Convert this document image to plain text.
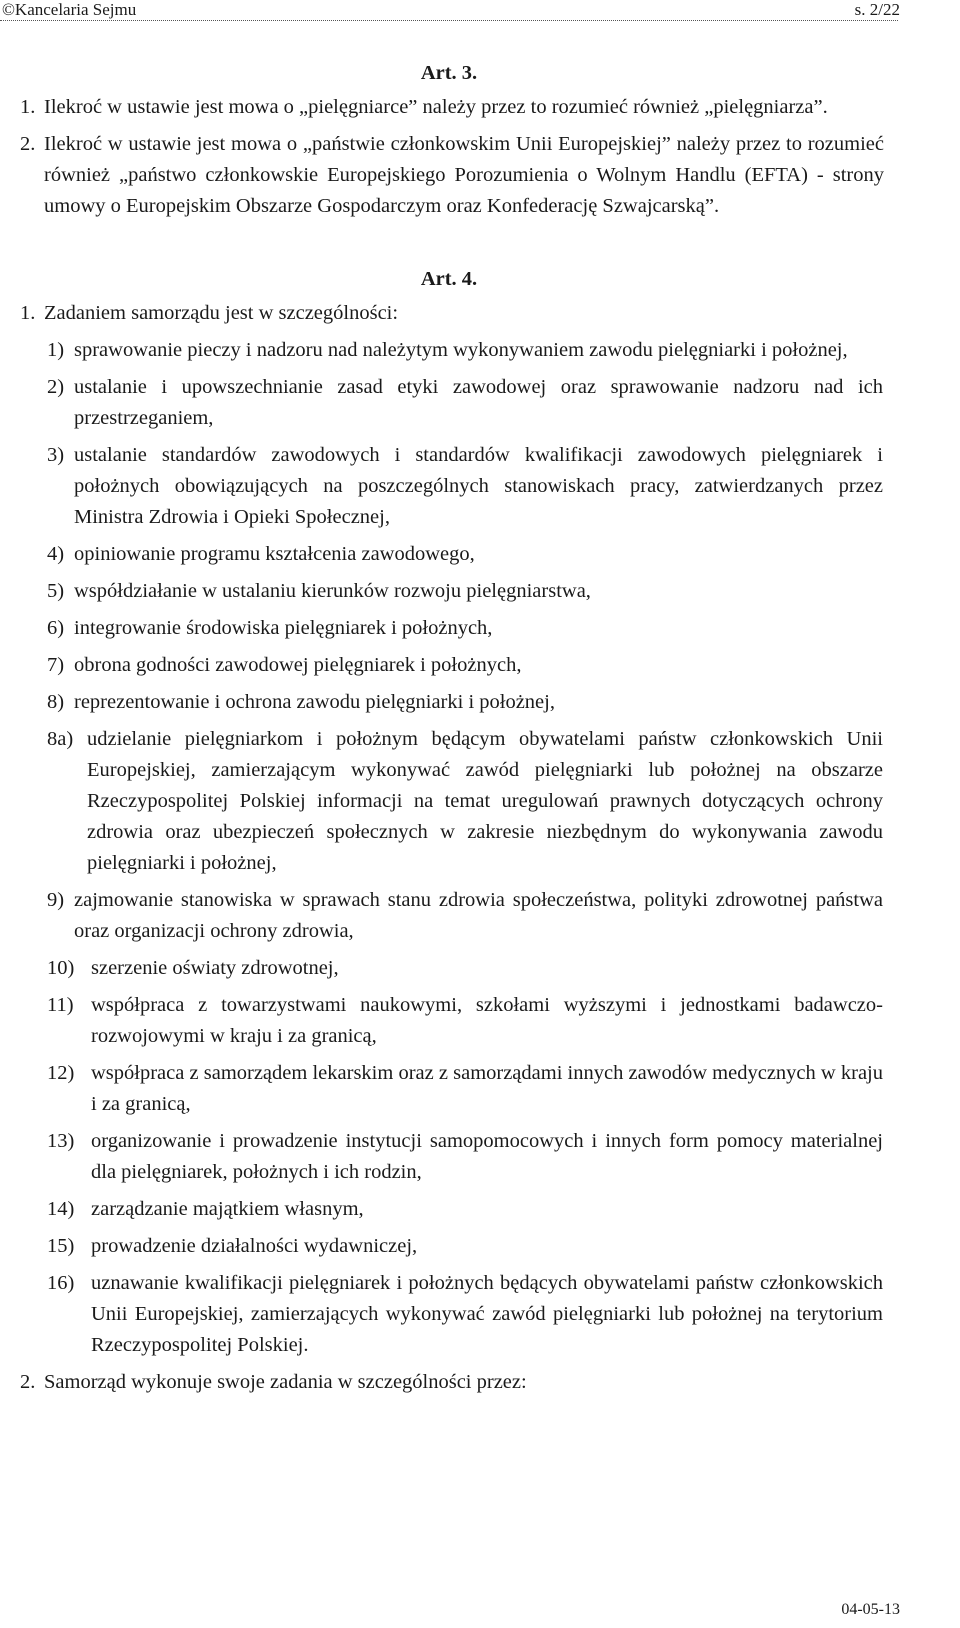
©Kancelaria Sejmu	s. 2/22
Art. 3.
1. Ilekroć w ustawie jest mowa o „pielęgniarce” należy przez to rozumieć również „pielęgniarza”.

2. Ilekroć w ustawie jest mowa o „państwie członkowskim Unii Europejskiej” należy przez to rozumieć również „państwo członkowskie Europejskiego Porozumienia o Wolnym Handlu (EFTA) - strony umowy o Europejskim Obszarze Gospodarczym oraz Konfederację Szwajcarską”.

Art. 4.
1. Zadaniem samorządu jest w szczególności:

1) sprawowanie pieczy i nadzoru nad należytym wykonywaniem zawodu pielęgniarki i położnej,
2) ustalanie i upowszechnianie zasad etyki zawodowej oraz sprawowanie nadzoru nad ich przestrzeganiem,
3) ustalanie standardów zawodowych i standardów kwalifikacji zawodowych pielęgniarek i położnych obowiązujących na poszczególnych stanowiskach pracy, zatwierdzanych przez Ministra Zdrowia i Opieki Społecznej,
4) opiniowanie programu kształcenia zawodowego,
5) współdziałanie w ustalaniu kierunków rozwoju pielęgniarstwa,
6) integrowanie środowiska pielęgniarek i położnych,
7) obrona godności zawodowej pielęgniarek i położnych,
8) reprezentowanie i ochrona zawodu pielęgniarki i położnej,
8a) udzielanie pielęgniarkom i położnym będącym obywatelami państw członkowskich Unii Europejskiej, zamierzającym wykonywać zawód pielęgniarki lub położnej na obszarze Rzeczypospolitej Polskiej informacji na temat uregulowań prawnych dotyczących ochrony zdrowia oraz ubezpieczeń społecznych w zakresie niezbędnym do wykonywania zawodu pielęgniarki i położnej,
9) zajmowanie stanowiska w sprawach stanu zdrowia społeczeństwa, polityki zdrowotnej państwa oraz organizacji ochrony zdrowia,
10) szerzenie oświaty zdrowotnej,
11) współpraca z towarzystwami naukowymi, szkołami wyższymi i jednostkami badawczo-rozwojowymi w kraju i za granicą,
12) współpraca z samorządem lekarskim oraz z samorządami innych zawodów medycznych w kraju i za granicą,
13) organizowanie i prowadzenie instytucji samopomocowych i innych form pomocy materialnej dla pielęgniarek, położnych i ich rodzin,
14) zarządzanie majątkiem własnym,
15) prowadzenie działalności wydawniczej,
16) uznawanie kwalifikacji pielęgniarek i położnych będących obywatelami państw członkowskich Unii Europejskiej, zamierzających wykonywać zawód pielęgniarki lub położnej na terytorium Rzeczypospolitej Polskiej.
2. Samorząd wykonuje swoje zadania w szczególności przez:

04-05-13
